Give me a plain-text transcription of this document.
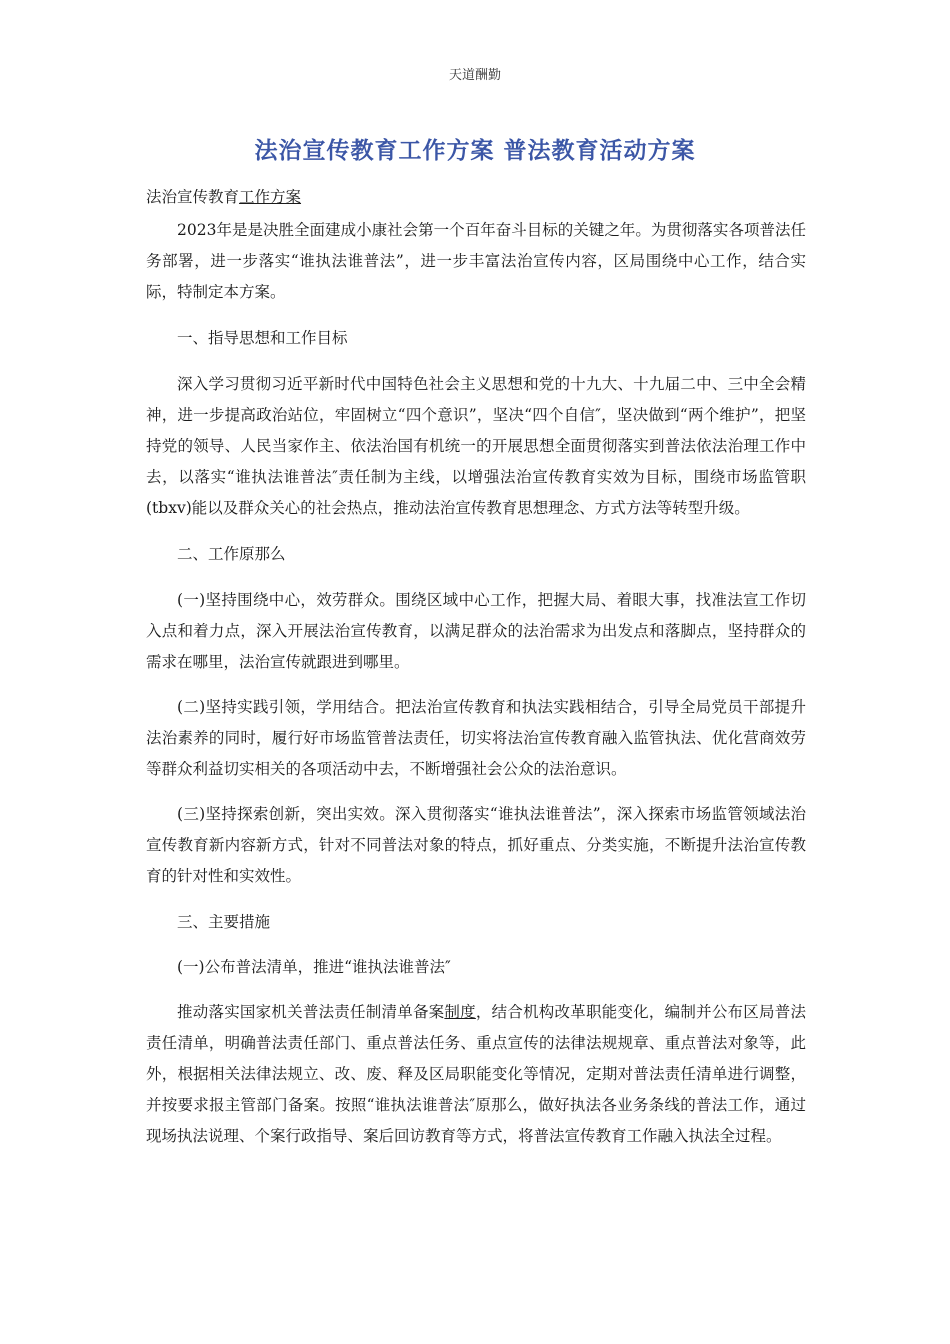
天道酬勤
法治宣传教育工作方案 普法教育活动方案
法治宣传教育工作方案

2023年是是决胜全面建成小康社会第一个百年奋斗目标的关键之年。为贯彻落实各项普法任务部署，进一步落实“谁执法谁普法”，进一步丰富法治宣传内容，区局围绕中心工作，结合实际，特制定本方案。

一、指导思想和工作目标

深入学习贯彻习近平新时代中国特色社会主义思想和党的十九大、十九届二中、三中全会精神，进一步提高政治站位，牢固树立“四个意识”，坚决“四个自信″，坚决做到“两个维护”，把坚持党的领导、人民当家作主、依法治国有机统一的开展思想全面贯彻落实到普法依法治理工作中去，以落实“谁执法谁普法″责任制为主线，以增强法治宣传教育实效为目标，围绕市场监管职(tbxv)能以及群众关心的社会热点，推动法治宣传教育思想理念、方式方法等转型升级。

二、工作原那么

(一)坚持围绕中心，效劳群众。围绕区域中心工作，把握大局、着眼大事，找准法宣工作切入点和着力点，深入开展法治宣传教育，以满足群众的法治需求为出发点和落脚点，坚持群众的需求在哪里，法治宣传就跟进到哪里。

(二)坚持实践引领，学用结合。把法治宣传教育和执法实践相结合，引导全局党员干部提升法治素养的同时，履行好市场监管普法责任，切实将法治宣传教育融入监管执法、优化营商效劳等群众利益切实相关的各项活动中去，不断增强社会公众的法治意识。

(三)坚持探索创新，突出实效。深入贯彻落实“谁执法谁普法”，深入探索市场监管领域法治宣传教育新内容新方式，针对不同普法对象的特点，抓好重点、分类实施，不断提升法治宣传教育的针对性和实效性。

三、主要措施

(一)公布普法清单，推进“谁执法谁普法″

推动落实国家机关普法责任制清单备案制度，结合机构改革职能变化，编制并公布区局普法责任清单，明确普法责任部门、重点普法任务、重点宣传的法律法规规章、重点普法对象等，此外，根据相关法律法规立、改、废、释及区局职能变化等情况，定期对普法责任清单进行调整，并按要求报主管部门备案。按照“谁执法谁普法″原那么，做好执法各业务条线的普法工作，通过现场执法说理、个案行政指导、案后回访教育等方式，将普法宣传教育工作融入执法全过程。
